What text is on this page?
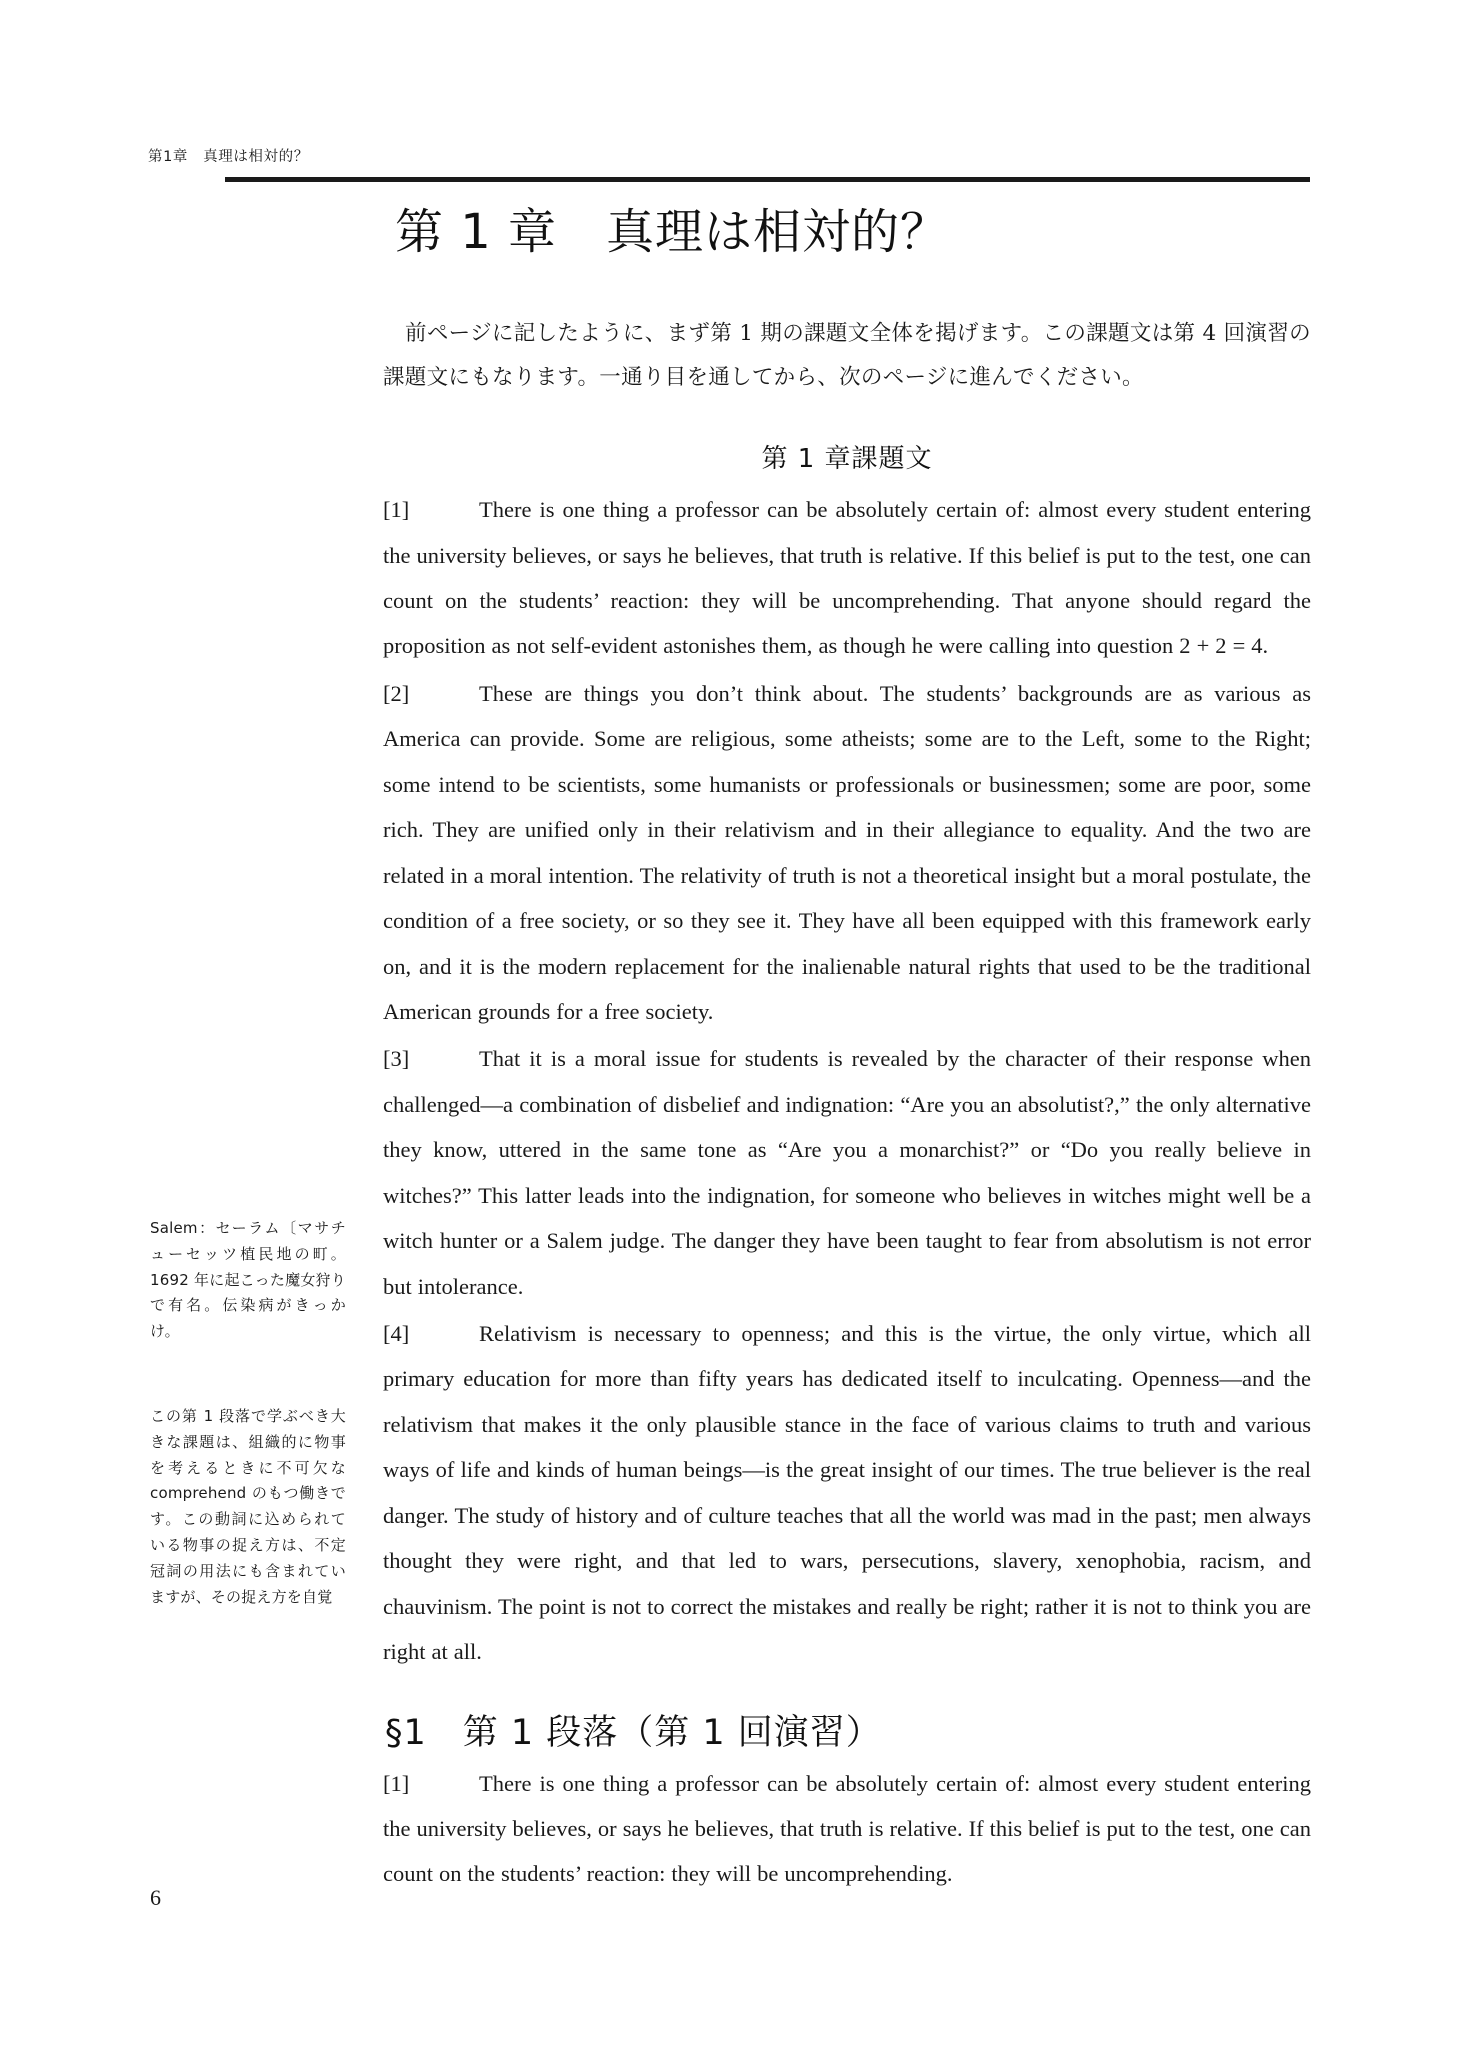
第1章　真理は相対的？
第 1 章　真理は相対的？

前ページに記したように、まず第 1 期の課題文全体を掲げます。この課題文は第 4 回演習の課題文にもなります。一通り目を通してから、次のページに進んでください。

第 1 章課題文

[1]	There is one thing a professor can be absolutely certain of: almost every student entering the university believes, or says he believes, that truth is relative. If this belief is put to the test, one can count on the students’ reaction: they will be uncomprehending. That anyone should regard the proposition as not self-evident astonishes them, as though he were calling into question 2 + 2 = 4.

[2]	These are things you don’t think about. The students’ backgrounds are as various as America can provide. Some are religious, some atheists; some are to the Left, some to the Right; some intend to be scientists, some humanists or professionals or businessmen; some are poor, some rich. They are unified only in their relativism and in their allegiance to equality. And the two are related in a moral intention. The relativity of truth is not a theoretical insight but a moral postulate, the condition of a free society, or so they see it. They have all been equipped with this framework early on, and it is the modern replacement for the inalienable natural rights that used to be the traditional American grounds for a free society.

[3]	That it is a moral issue for students is revealed by the character of their response when challenged—a combination of disbelief and indignation: “Are you an absolutist?,” the only alternative they know, uttered in the same tone as “Are you a monarchist?” or “Do you really believe in witches?” This latter leads into the indignation, for someone who believes in witches might well be a witch hunter or a Salem judge. The danger they have been taught to fear from absolutism is not error but intolerance.

[4]	Relativism is necessary to openness; and this is the virtue, the only virtue, which all primary education for more than fifty years has dedicated itself to inculcating. Openness—and the relativism that makes it the only plausible stance in the face of various claims to truth and various ways of life and kinds of human beings—is the great insight of our times. The true believer is the real danger. The study of history and of culture teaches that all the world was mad in the past; men always thought they were right, and that led to wars, persecutions, slavery, xenophobia, racism, and chauvinism. The point is not to correct the mistakes and really be right; rather it is not to think you are right at all.

§1　第 1 段落（第 1 回演習）

[1]	There is one thing a professor can be absolutely certain of: almost every student entering the university believes, or says he believes, that truth is relative. If this belief is put to the test, one can count on the students’ reaction: they will be uncomprehending.

Salem：セーラム〔マサチューセッツ植民地の町。1692 年に起こった魔女狩りで有名。伝染病がきっかけ。
この第 1 段落で学ぶべき大きな課題は、組織的に物事を考えるときに不可欠な comprehend のもつ働きです。この動詞に込められている物事の捉え方は、不定冠詞の用法にも含まれていますが、その捉え方を自覚
6
